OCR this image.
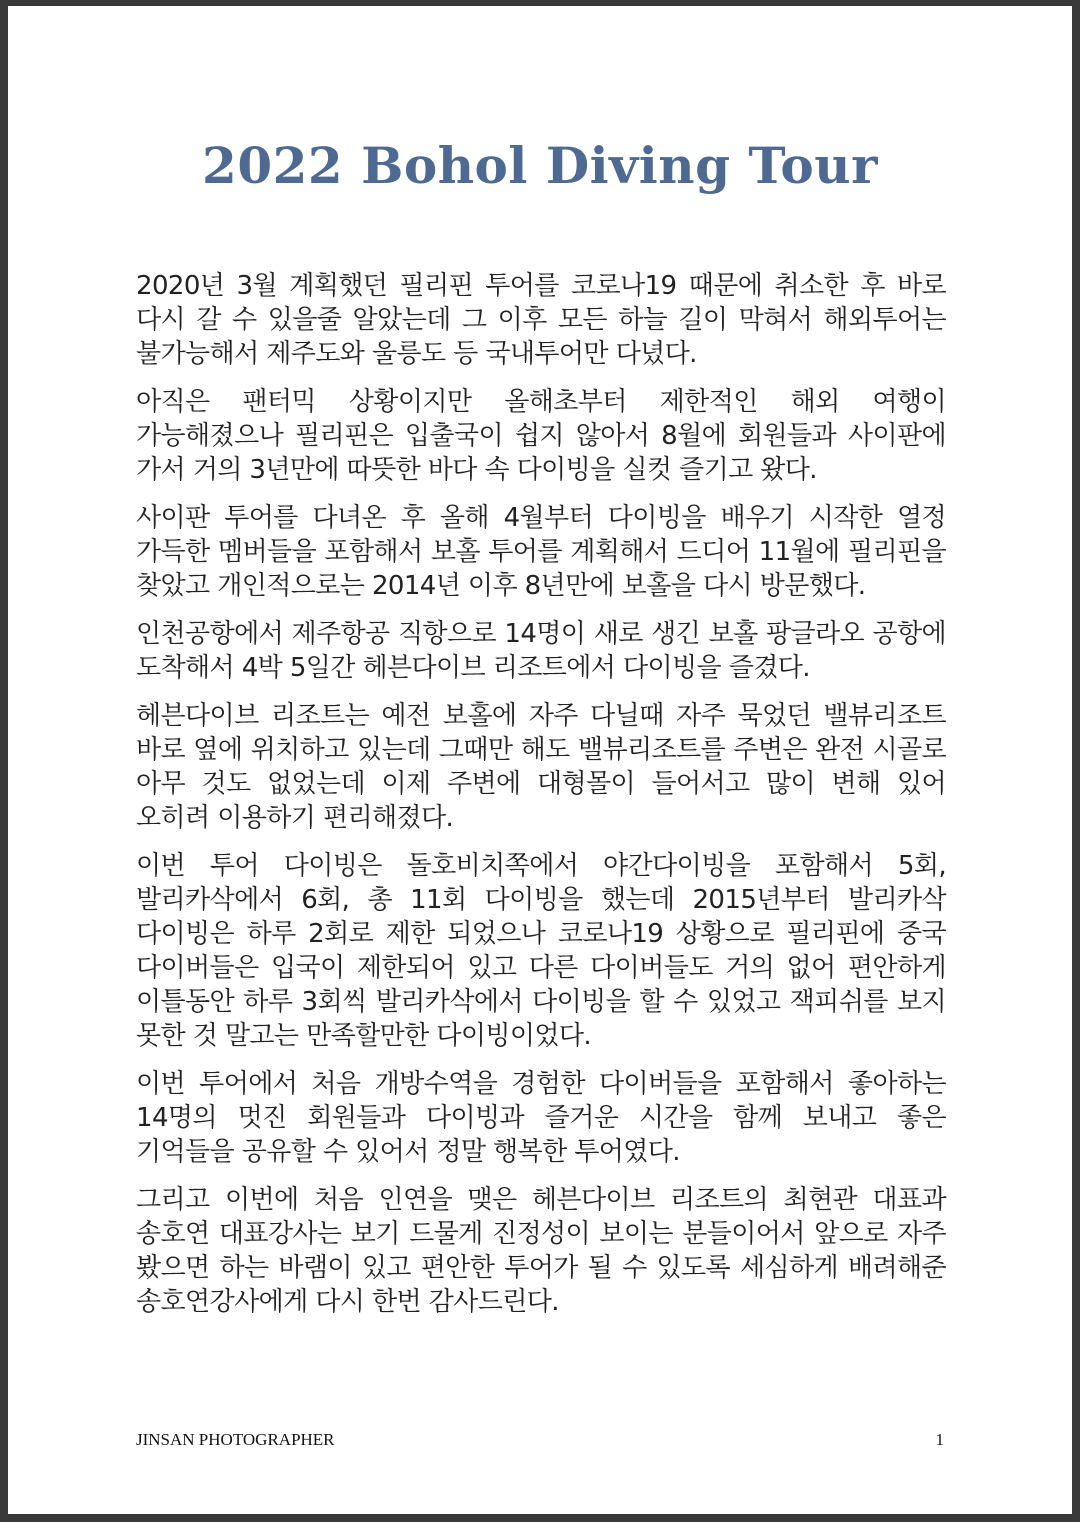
2022 Bohol Diving Tour

2020년 3월 계획했던 필리핀 투어를 코로나19 때문에 취소한 후 바로 다시 갈 수 있을줄 알았는데 그 이후 모든 하늘 길이 막혀서 해외투어는 불가능해서 제주도와 울릉도 등 국내투어만 다녔다.

아직은 팬터믹 상황이지만 올해초부터 제한적인 해외 여행이 가능해졌으나 필리핀은 입출국이 쉽지 않아서 8월에 회원들과 사이판에 가서 거의 3년만에 따뜻한 바다 속 다이빙을 실컷 즐기고 왔다.

사이판 투어를 다녀온 후 올해 4월부터 다이빙을 배우기 시작한 열정 가득한 멤버들을 포함해서 보홀 투어를 계획해서 드디어 11월에 필리핀을 찾았고 개인적으로는 2014년 이후 8년만에 보홀을 다시 방문했다.

인천공항에서 제주항공 직항으로 14명이 새로 생긴 보홀 팡글라오 공항에 도착해서 4박 5일간 헤븐다이브 리조트에서 다이빙을 즐겼다.

헤븐다이브 리조트는 예전 보홀에 자주 다닐때 자주 묵었던 밸뷰리조트 바로 옆에 위치하고 있는데 그때만 해도 밸뷰리조트를 주변은 완전 시골로 아무 것도 없었는데 이제 주변에 대형몰이 들어서고 많이 변해 있어 오히려 이용하기 편리해졌다.

이번 투어 다이빙은 돌호비치쪽에서 야간다이빙을 포함해서 5회, 발리카삭에서 6회, 총 11회 다이빙을 했는데 2015년부터 발리카삭 다이빙은 하루 2회로 제한 되었으나 코로나19 상황으로 필리핀에 중국 다이버들은 입국이 제한되어 있고 다른 다이버들도 거의 없어 편안하게 이틀동안 하루 3회씩 발리카삭에서 다이빙을 할 수 있었고 잭피쉬를 보지 못한 것 말고는 만족할만한 다이빙이었다.

이번 투어에서 처음 개방수역을 경험한 다이버들을 포함해서 좋아하는 14명의 멋진 회원들과 다이빙과 즐거운 시간을 함께 보내고 좋은 기억들을 공유할 수 있어서 정말 행복한 투어였다.

그리고 이번에 처음 인연을 맺은 헤븐다이브 리조트의 최현관 대표과 송호연 대표강사는 보기 드물게 진정성이 보이는 분들이어서 앞으로 자주 봤으면 하는 바램이 있고 편안한 투어가 될 수 있도록 세심하게 배려해준 송호연강사에게 다시 한번 감사드린다.

JINSAN PHOTOGRAPHER	1
